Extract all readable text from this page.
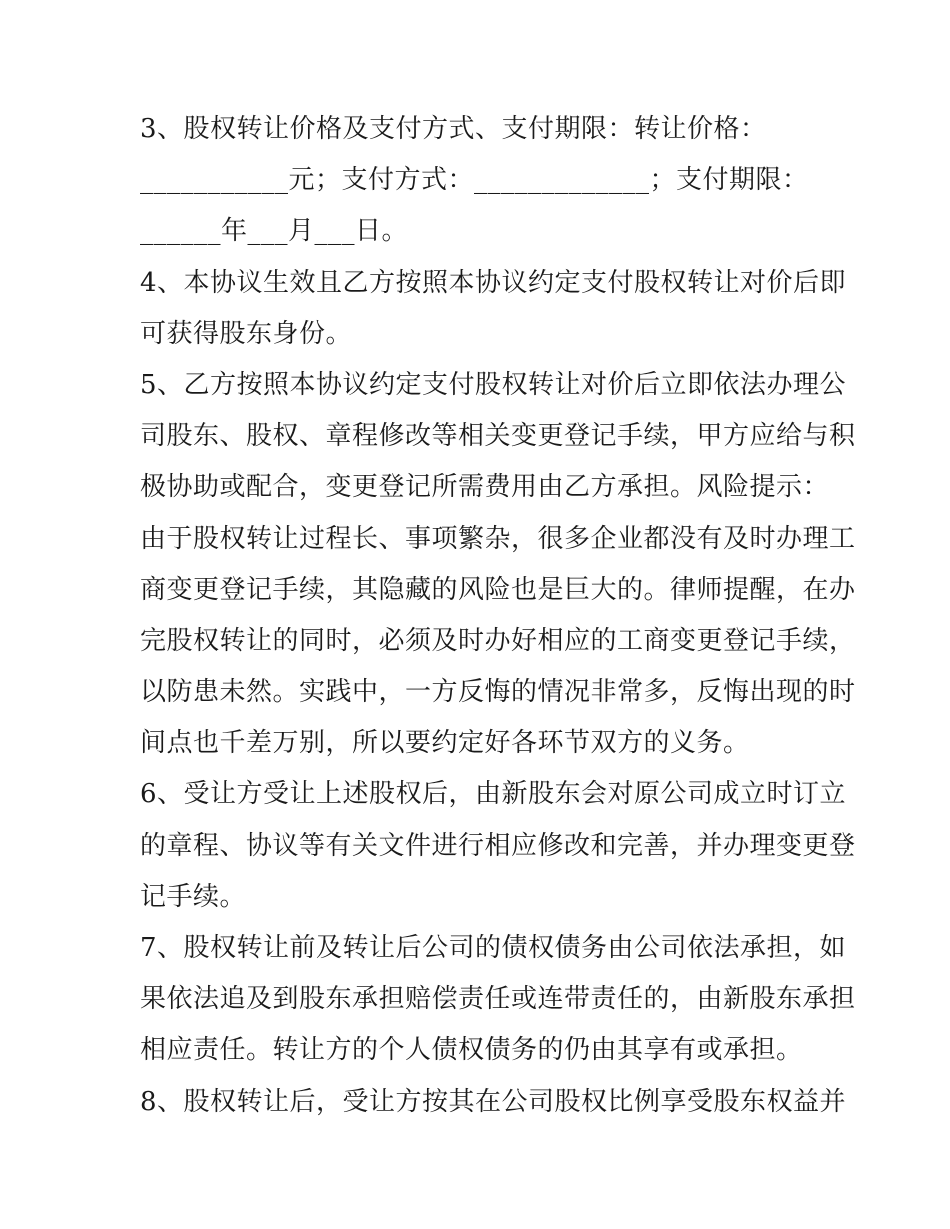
3、股权转让价格及支付方式、支付期限：转让价格：
___________元；支付方式：_____________；支付期限：
______年___月___日。
4、本协议生效且乙方按照本协议约定支付股权转让对价后即
可获得股东身份。
5、乙方按照本协议约定支付股权转让对价后立即依法办理公
司股东、股权、章程修改等相关变更登记手续，甲方应给与积
极协助或配合，变更登记所需费用由乙方承担。风险提示：
由于股权转让过程长、事项繁杂，很多企业都没有及时办理工
商变更登记手续，其隐藏的风险也是巨大的。律师提醒，在办
完股权转让的同时，必须及时办好相应的工商变更登记手续，
以防患未然。实践中，一方反悔的情况非常多，反悔出现的时
间点也千差万别，所以要约定好各环节双方的义务。
6、受让方受让上述股权后，由新股东会对原公司成立时订立
的章程、协议等有关文件进行相应修改和完善，并办理变更登
记手续。
7、股权转让前及转让后公司的债权债务由公司依法承担，如
果依法追及到股东承担赔偿责任或连带责任的，由新股东承担
相应责任。转让方的个人债权债务的仍由其享有或承担。
8、股权转让后，受让方按其在公司股权比例享受股东权益并
